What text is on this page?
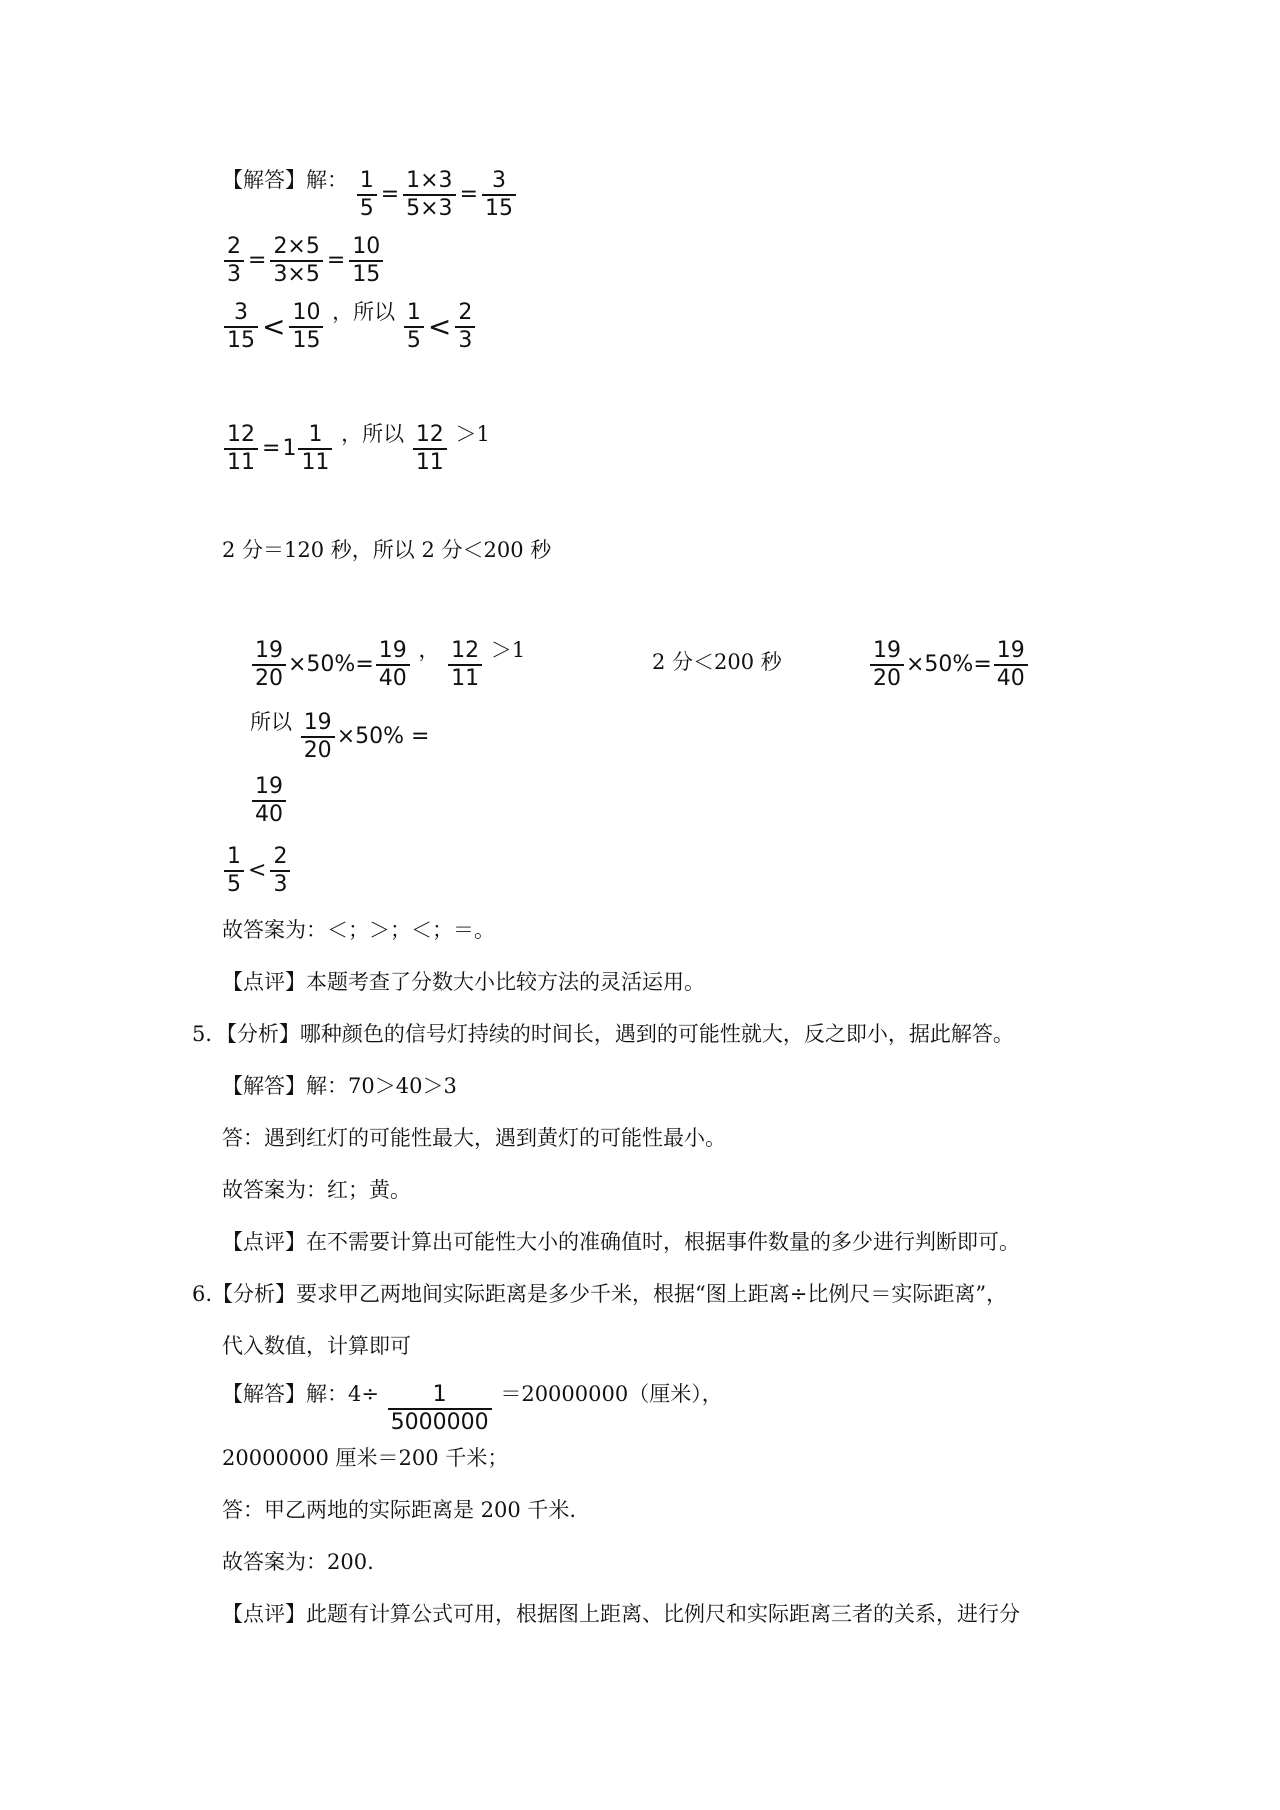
【解答】解： $\frac{1}{5} = \frac{1\times 3}{5\times 3} = \frac{3}{15}$
$\frac{2}{3} = \frac{2\times 5}{3\times 5} = \frac{10}{15}$
$\frac{3}{15} < \frac{10}{15}$ ，所以 $\frac{1}{5} < \frac{2}{3}$
$\frac{12}{11} = 1 \frac{1}{11}$ ，所以 $\frac{12}{11} >1$
2 分＝120 秒，所以 2 分＜200 秒
$\frac{19}{20} \times 50\%= \frac{19}{40}$ ， $\frac{12}{11} >1$	2 分＜200 秒	$\frac{19}{20} \times 50\%= \frac{19}{40}$
所以 $\frac{19}{20} \times 50\%$ =
$\frac{19}{40}$
$\frac{1}{5} < \frac{2}{3}$
故答案为：＜；＞；＜；＝。
【点评】本题考查了分数大小比较方法的灵活运用。
5．【分析】哪种颜色的信号灯持续的时间长，遇到的可能性就大，反之即小，据此解答。
【解答】解：70＞40＞3
答：遇到红灯的可能性最大，遇到黄灯的可能性最小。
故答案为：红；黄。
【点评】在不需要计算出可能性大小的准确值时，根据事件数量的多少进行判断即可。
6.【分析】要求甲乙两地间实际距离是多少千米，根据“图上距离÷比例尺＝实际距离”，
代入数值，计算即可
【解答】解：$4\div \frac{1}{5000000} =20000000$（厘米），
20000000 厘米＝200 千米；
答：甲乙两地的实际距离是 200 千米.
故答案为：200.
【点评】此题有计算公式可用，根据图上距离、比例尺和实际距离三者的关系，进行分
